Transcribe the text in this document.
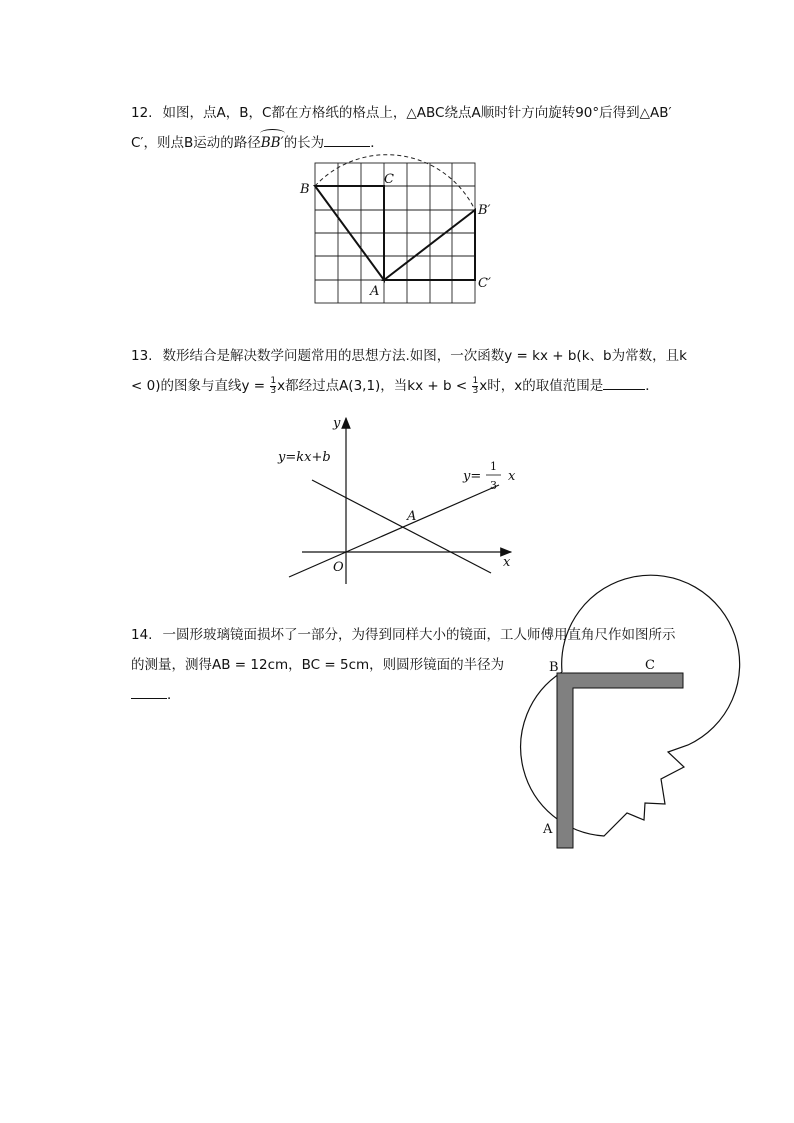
12. 如图，点A，B，C都在方格纸的格点上，△ABC绕点A顺时针方向旋转90°后得到△AB′
C′，则点B运动的路径BB′的长为	．
B
C
A
B′
C′
13. 数形结合是解决数学问题常用的思想方法.如图，一次函数y = kx + b(k、b为常数，且k
< 0)的图象与直线$y = \frac{1}{3}$ x都经过点A(3,1)，当kx + $b < \frac{1}{3}$ x时，x的取值范围是	．
y
x
O
A
y=kx+b
y=
1
3
x
14. 一圆形玻璃镜面损坏了一部分，为得到同样大小的镜面，工人师傅用直角尺作如图所示
的测量，测得AB = 12cm，BC = 5cm，则圆形镜面的半径为
．
B	C
A
